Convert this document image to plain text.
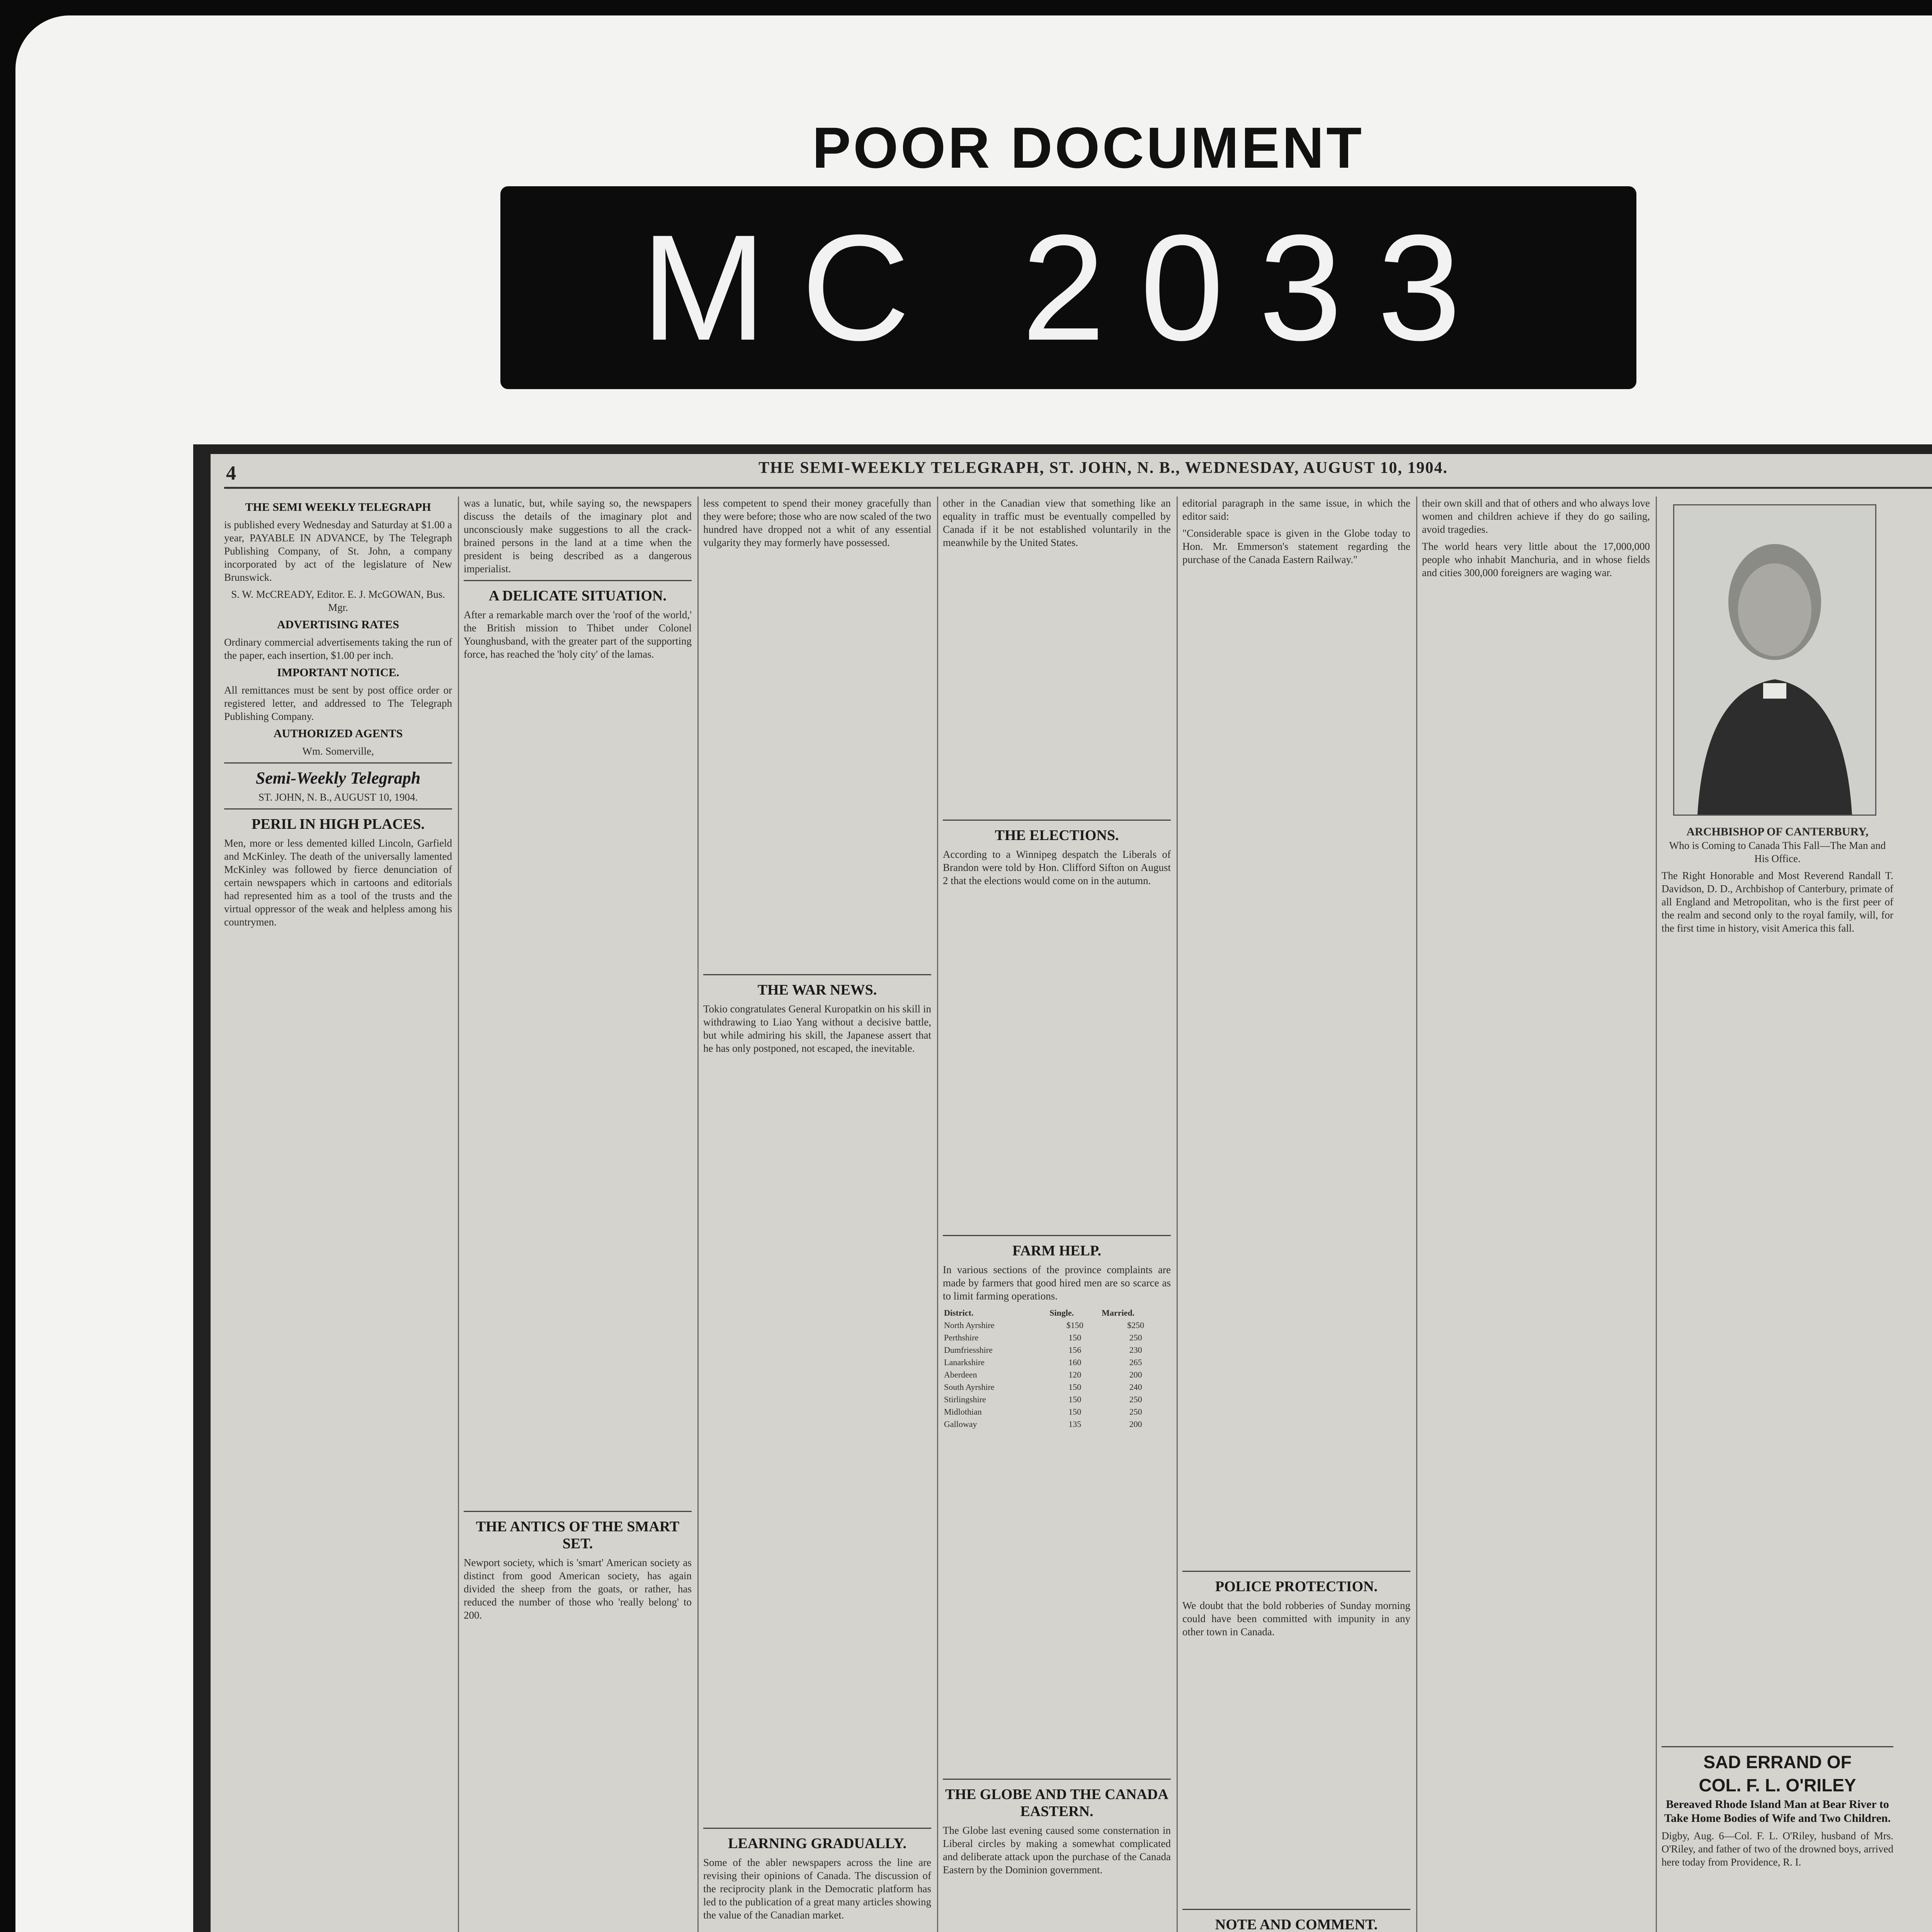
POOR DOCUMENT
MC 2033
4	THE SEMI-WEEKLY TELEGRAPH, ST. JOHN, N. B., WEDNESDAY, AUGUST 10, 1904.
THE SEMI WEEKLY TELEGRAPH
is published every Wednesday and Saturday at $1.00 a year, PAYABLE IN ADVANCE, by The Telegraph Publishing Company, of St. John, a company incorporated by act of the legislature of New Brunswick.
S. W. McCREADY, Editor. E. J. McGOWAN, Bus. Mgr.
ADVERTISING RATES
Ordinary commercial advertisements taking the run of the paper, each insertion, $1.00 per inch.
IMPORTANT NOTICE.
All remittances must be sent by post office order or registered letter, and addressed to The Telegraph Publishing Company.
AUTHORIZED AGENTS
Wm. Somerville,
Semi-Weekly Telegraph
ST. JOHN, N. B., AUGUST 10, 1904.
PERIL IN HIGH PLACES.
Men, more or less demented killed Lincoln, Garfield and McKinley. The death of the universally lamented McKinley was followed by fierce denunciation of certain newspapers which in cartoons and editorials had represented him as a tool of the trusts and the virtual oppressor of the weak and helpless among his countrymen.
was a lunatic, but, while saying so, the newspapers discuss the details of the imaginary plot and unconsciously make suggestions to all the crack-brained persons in the land at a time when the president is being described as a dangerous imperialist.
A DELICATE SITUATION.
After a remarkable march over the 'roof of the world,' the British mission to Thibet under Colonel Younghusband, with the greater part of the supporting force, has reached the 'holy city' of the lamas.
THE ANTICS OF THE SMART SET.
Newport society, which is 'smart' American society as distinct from good American society, has again divided the sheep from the goats, or rather, has reduced the number of those who 'really belong' to 200.
less competent to spend their money gracefully than they were before; those who are now scaled of the two hundred have dropped not a whit of any essential vulgarity they may formerly have possessed.
THE WAR NEWS.
Tokio congratulates General Kuropatkin on his skill in withdrawing to Liao Yang without a decisive battle, but while admiring his skill, the Japanese assert that he has only postponed, not escaped, the inevitable.
LEARNING GRADUALLY.
Some of the abler newspapers across the line are revising their opinions of Canada. The discussion of the reciprocity plank in the Democratic platform has led to the publication of a great many articles showing the value of the Canadian market.
other in the Canadian view that something like an equality in traffic must be eventually compelled by Canada if it be not established voluntarily in the meanwhile by the United States.
THE ELECTIONS.
According to a Winnipeg despatch the Liberals of Brandon were told by Hon. Clifford Sifton on August 2 that the elections would come on in the autumn.
FARM HELP.
In various sections of the province complaints are made by farmers that good hired men are so scarce as to limit farming operations.
District.	Single.	Married.
North Ayrshire	$150	$250
Perthshire	150	250
Dumfriesshire	156	230
Lanarkshire	160	265
Aberdeen	120	200
South Ayrshire	150	240
Stirlingshire	150	250
Midlothian	150	250
Galloway	135	200
THE GLOBE AND THE CANADA EASTERN.
The Globe last evening caused some consternation in Liberal circles by making a somewhat complicated and deliberate attack upon the purchase of the Canada Eastern by the Dominion government.
editorial paragraph in the same issue, in which the editor said:
"Considerable space is given in the Globe today to Hon. Mr. Emmerson's statement regarding the purchase of the Canada Eastern Railway."
POLICE PROTECTION.
We doubt that the bold robberies of Sunday morning could have been committed with impunity in any other town in Canada.
NOTE AND COMMENT.
their own skill and that of others and who always love women and children achieve if they do go sailing, avoid tragedies.
The world hears very little about the 17,000,000 people who inhabit Manchuria, and in whose fields and cities 300,000 foreigners are waging war.
ARCHBISHOP OF CANTERBURY,
Who is Coming to Canada This Fall—The Man and His Office.
The Right Honorable and Most Reverend Randall T. Davidson, D. D., Archbishop of Canterbury, primate of all England and Metropolitan, who is the first peer of the realm and second only to the royal family, will, for the first time in history, visit America this fall.
SAD ERRAND OF
COL. F. L. O'RILEY
Bereaved Rhode Island Man at Bear River to Take Home Bodies of Wife and Two Children.
Digby, Aug. 6—Col. F. L. O'Riley, husband of Mrs. O'Riley, and father of two of the drowned boys, arrived here today from Providence, R. I.
